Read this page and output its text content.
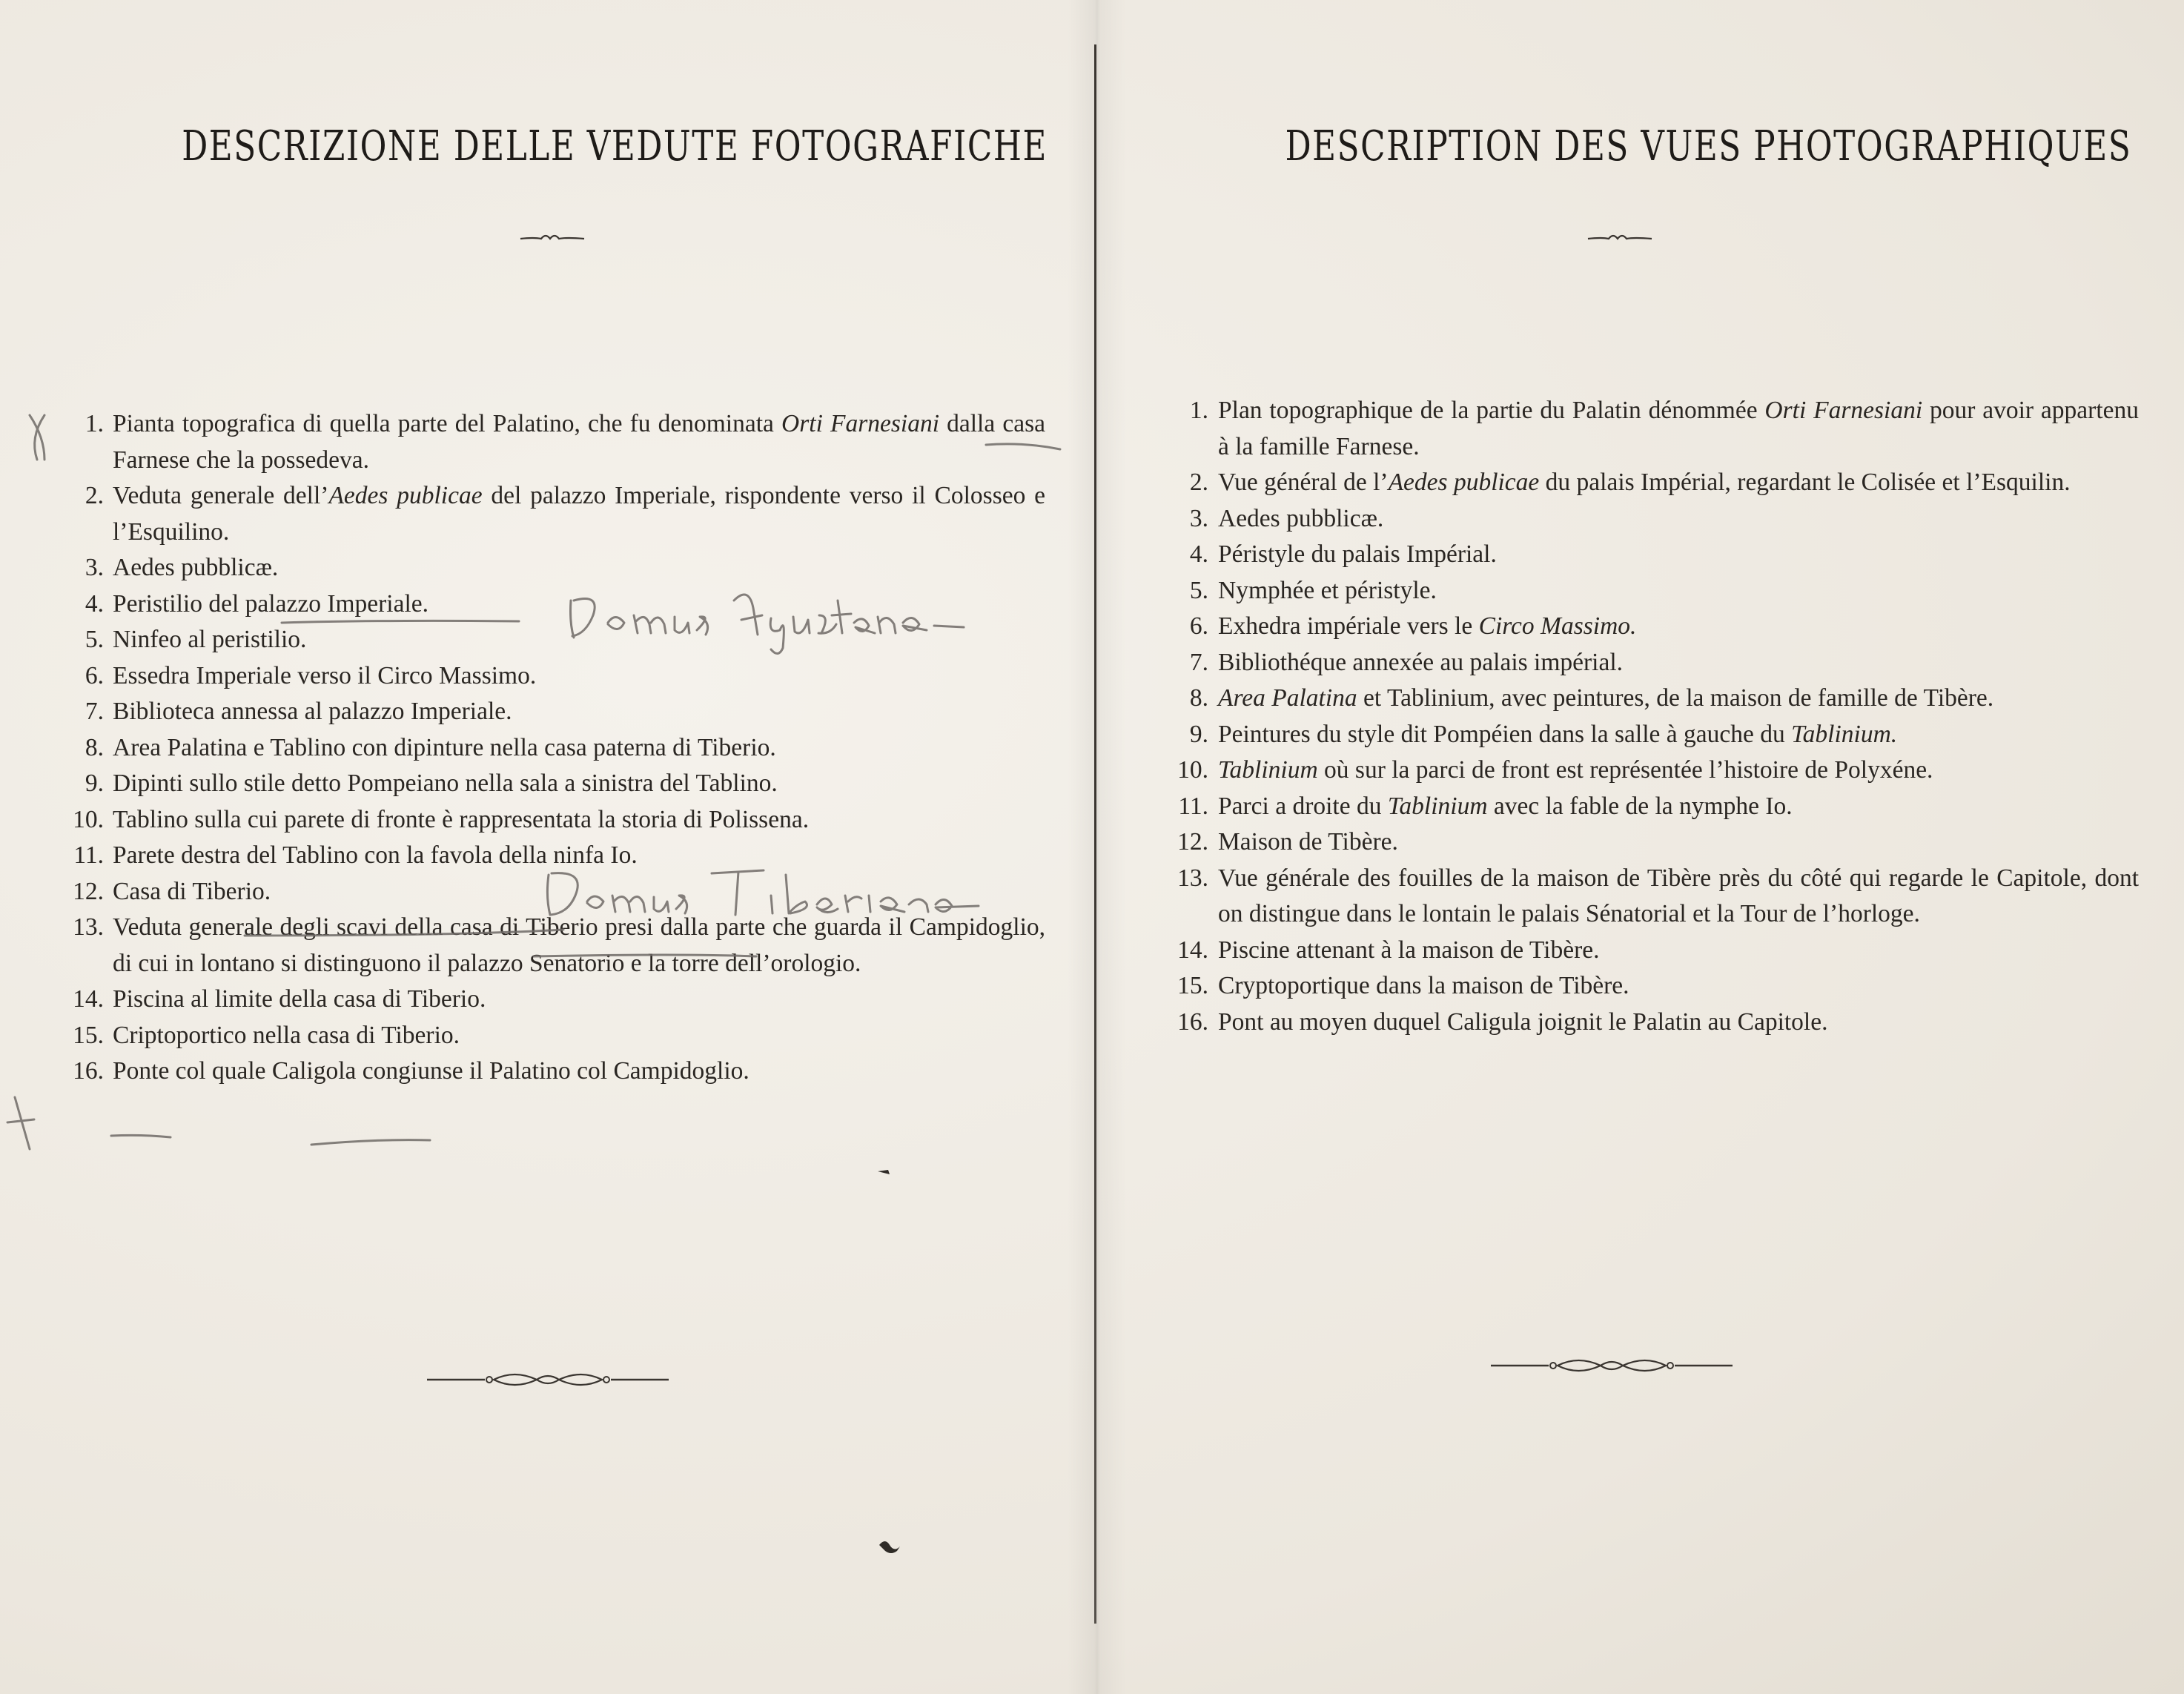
DESCRIZIONE DELLE VEDUTE FOTOGRAFICHE
1. Pianta topografica di quella parte del Palatino, che fu denominata Orti Farnesiani dalla casa Farnese che la possedeva.
2. Veduta generale dell’Aedes publicae del palazzo Imperiale, rispondente verso il Colosseo e l’Esquilino.
3. Aedes pubblicæ.
4. Peristilio del palazzo Imperiale.
5. Ninfeo al peristilio.
6. Essedra Imperiale verso il Circo Massimo.
7. Biblioteca annessa al palazzo Imperiale.
8. Area Palatina e Tablino con dipinture nella casa paterna di Tiberio.
9. Dipinti sullo stile detto Pompeiano nella sala a sinistra del Tablino.
10. Tablino sulla cui parete di fronte è rappresentata la storia di Polissena.
11. Parete destra del Tablino con la favola della ninfa Io.
12. Casa di Tiberio.
13. Veduta generale degli scavi della casa di Tiberio presi dalla parte che guarda il Campidoglio, di cui in lontano si distinguono il palazzo Senatorio e la torre dell’orologio.
14. Piscina al limite della casa di Tiberio.
15. Criptoportico nella casa di Tiberio.
16. Ponte col quale Caligola congiunse il Palatino col Campidoglio.
DESCRIPTION DES VUES PHOTOGRAPHIQUES
1. Plan topographique de la partie du Palatin dénommée Orti Farnesiani pour avoir appartenu à la famille Farnese.
2. Vue général de l’Aedes publicae du palais Impérial, regardant le Colisée et l’Esquilin.
3. Aedes pubblicæ.
4. Péristyle du palais Impérial.
5. Nymphée et péristyle.
6. Exhedra impériale vers le Circo Massimo.
7. Bibliothéque annexée au palais impérial.
8. Area Palatina et Tablinium, avec peintures, de la maison de famille de Tibère.
9. Peintures du style dit Pompéien dans la salle à gauche du Tablinium.
10. Tablinium où sur la parci de front est représentée l’histoire de Polyxéne.
11. Parci a droite du Tablinium avec la fable de la nymphe Io.
12. Maison de Tibère.
13. Vue générale des fouilles de la maison de Tibère près du côté qui regarde le Capitole, dont on distingue dans le lontain le palais Sénatorial et la Tour de l’horloge.
14. Piscine attenant à la maison de Tibère.
15. Cryptoportique dans la maison de Tibère.
16. Pont au moyen duquel Caligula joignit le Palatin au Capitole.
